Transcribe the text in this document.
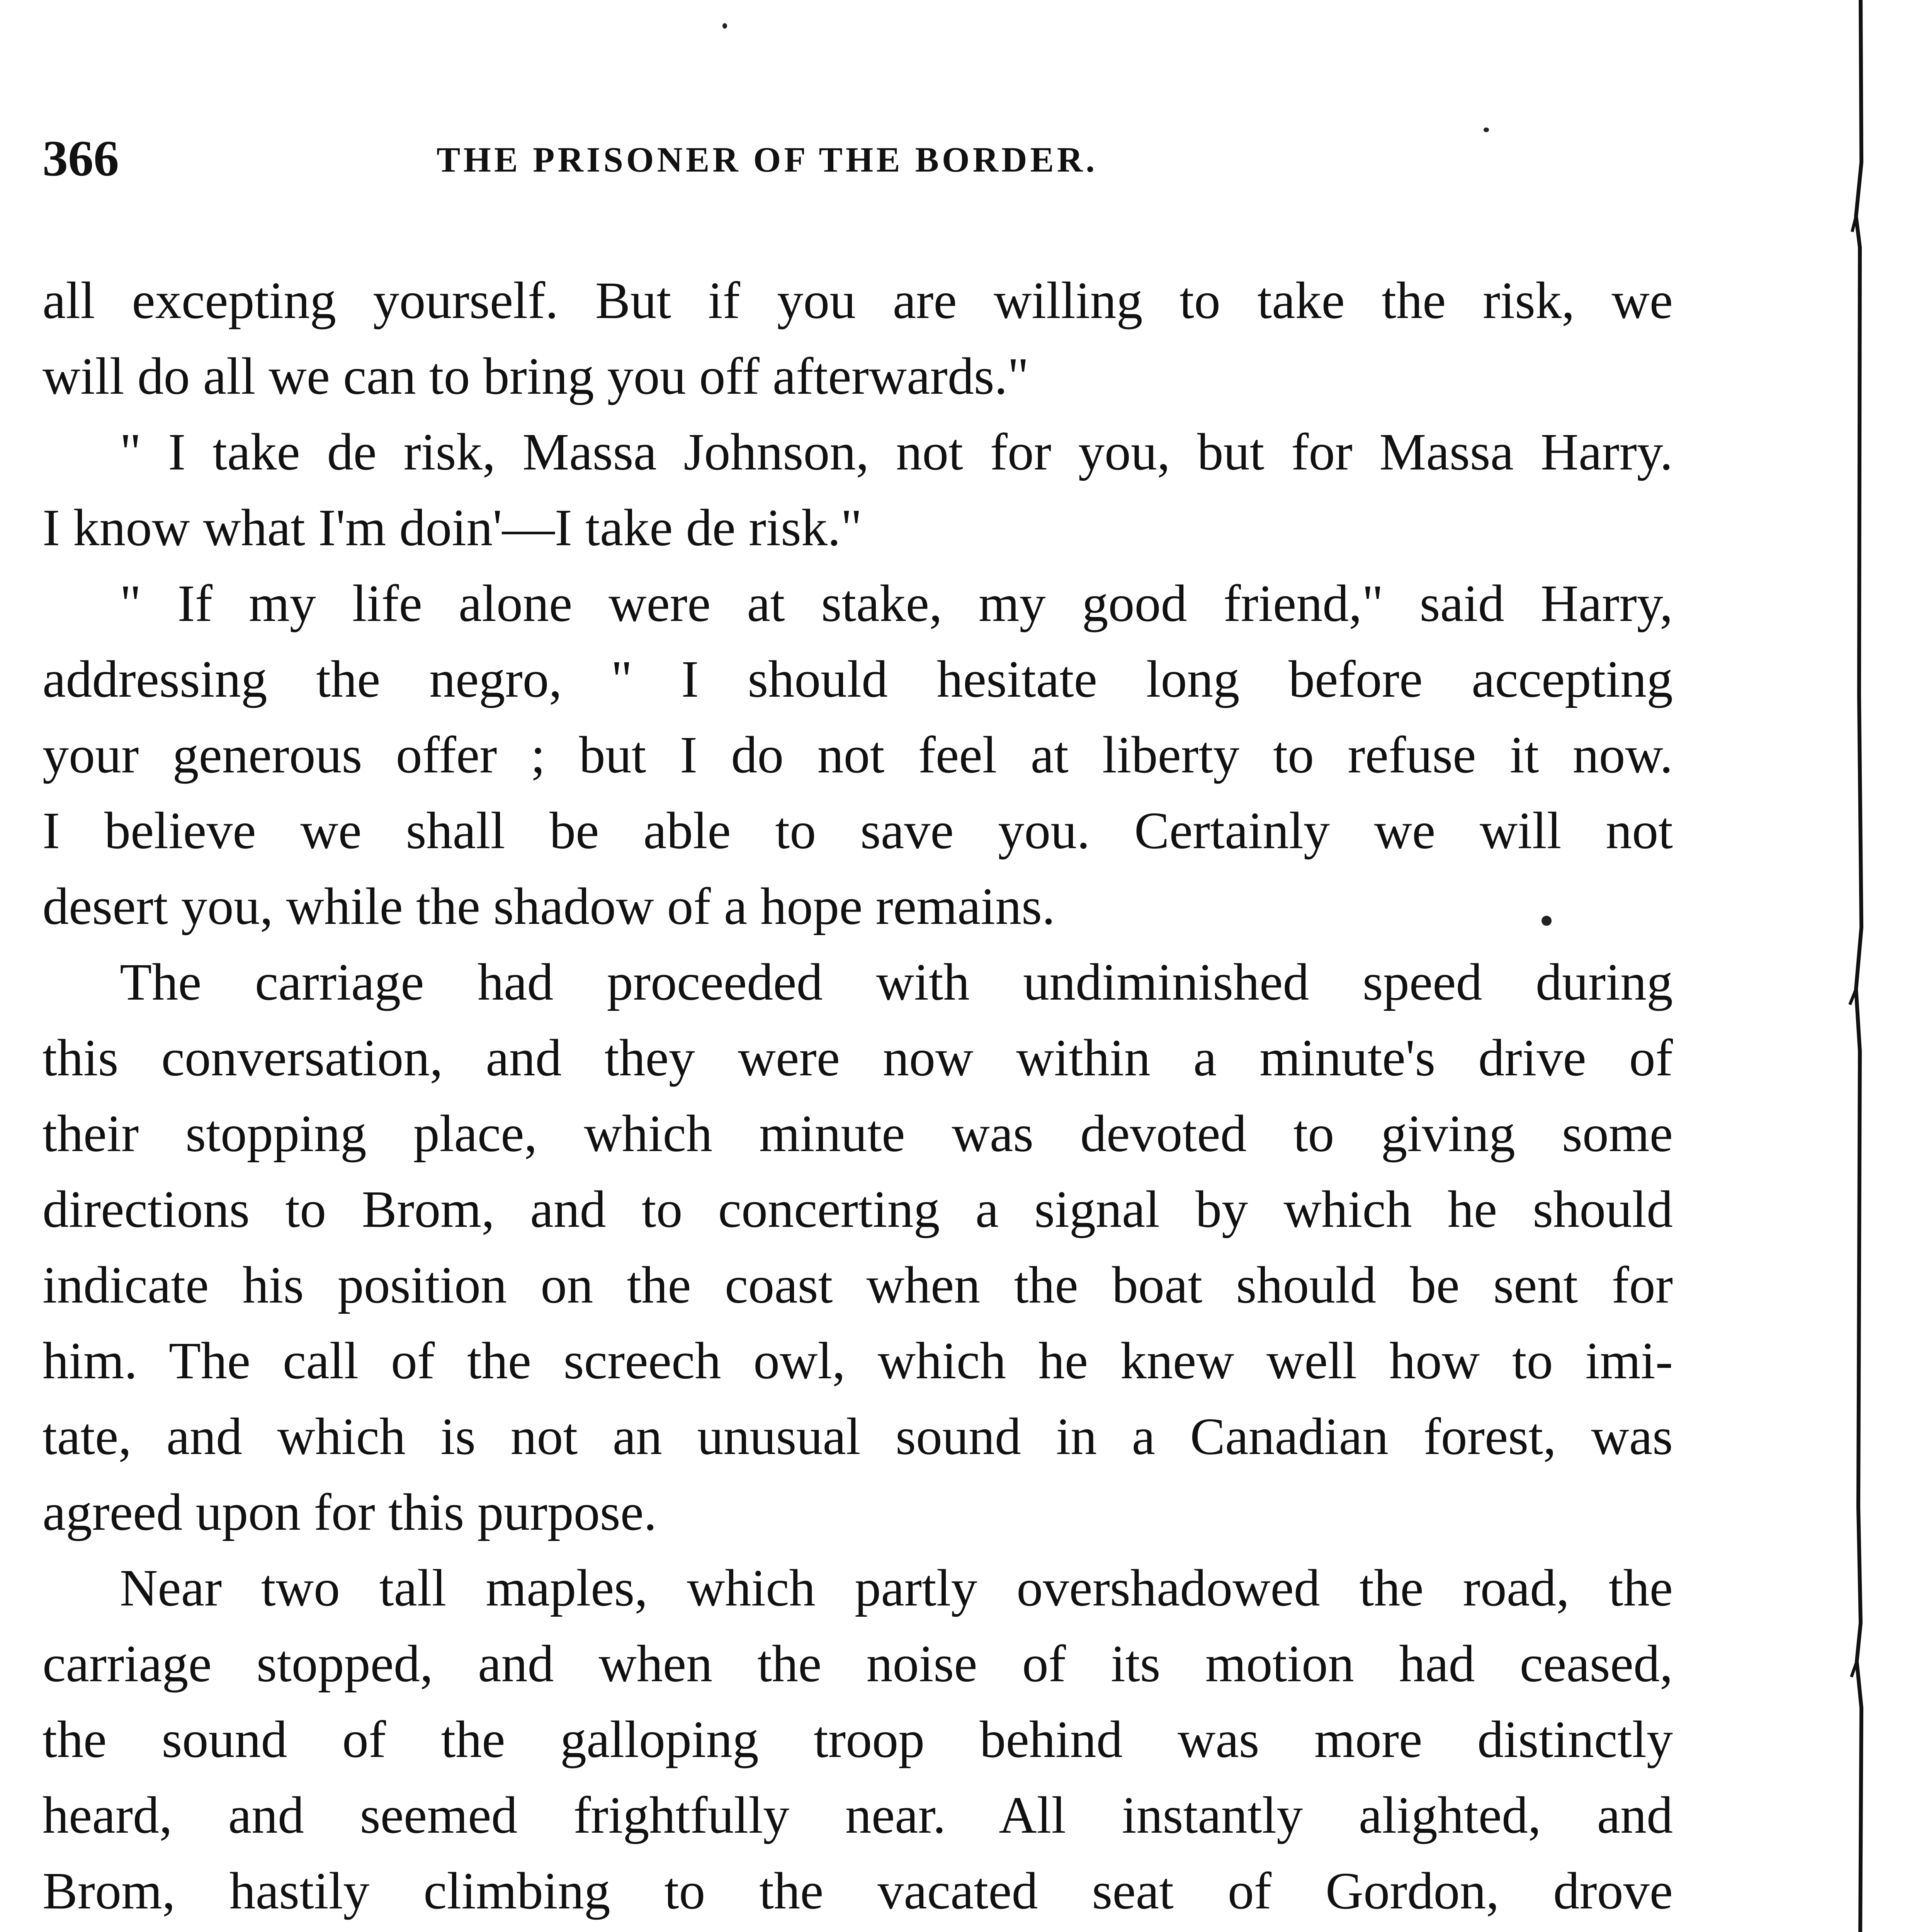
366	THE PRISONER OF THE BORDER.
all excepting yourself. But if you are willing to take the risk, we
will do all we can to bring you off afterwards."
" I take de risk, Massa Johnson, not for you, but for Massa Harry.
I know what I'm doin'—I take de risk."
" If my life alone were at stake, my good friend," said Harry,
addressing the negro, " I should hesitate long before accepting
your generous offer ; but I do not feel at liberty to refuse it now.
I believe we shall be able to save you. Certainly we will not
desert you, while the shadow of a hope remains.
The carriage had proceeded with undiminished speed during
this conversation, and they were now within a minute's drive of
their stopping place, which minute was devoted to giving some
directions to Brom, and to concerting a signal by which he should
indicate his position on the coast when the boat should be sent for
him. The call of the screech owl, which he knew well how to imi-
tate, and which is not an unusual sound in a Canadian forest, was
agreed upon for this purpose.
Near two tall maples, which partly overshadowed the road, the
carriage stopped, and when the noise of its motion had ceased,
the sound of the galloping troop behind was more distinctly
heard, and seemed frightfully near. All instantly alighted, and
Brom, hastily climbing to the vacated seat of Gordon, drove
